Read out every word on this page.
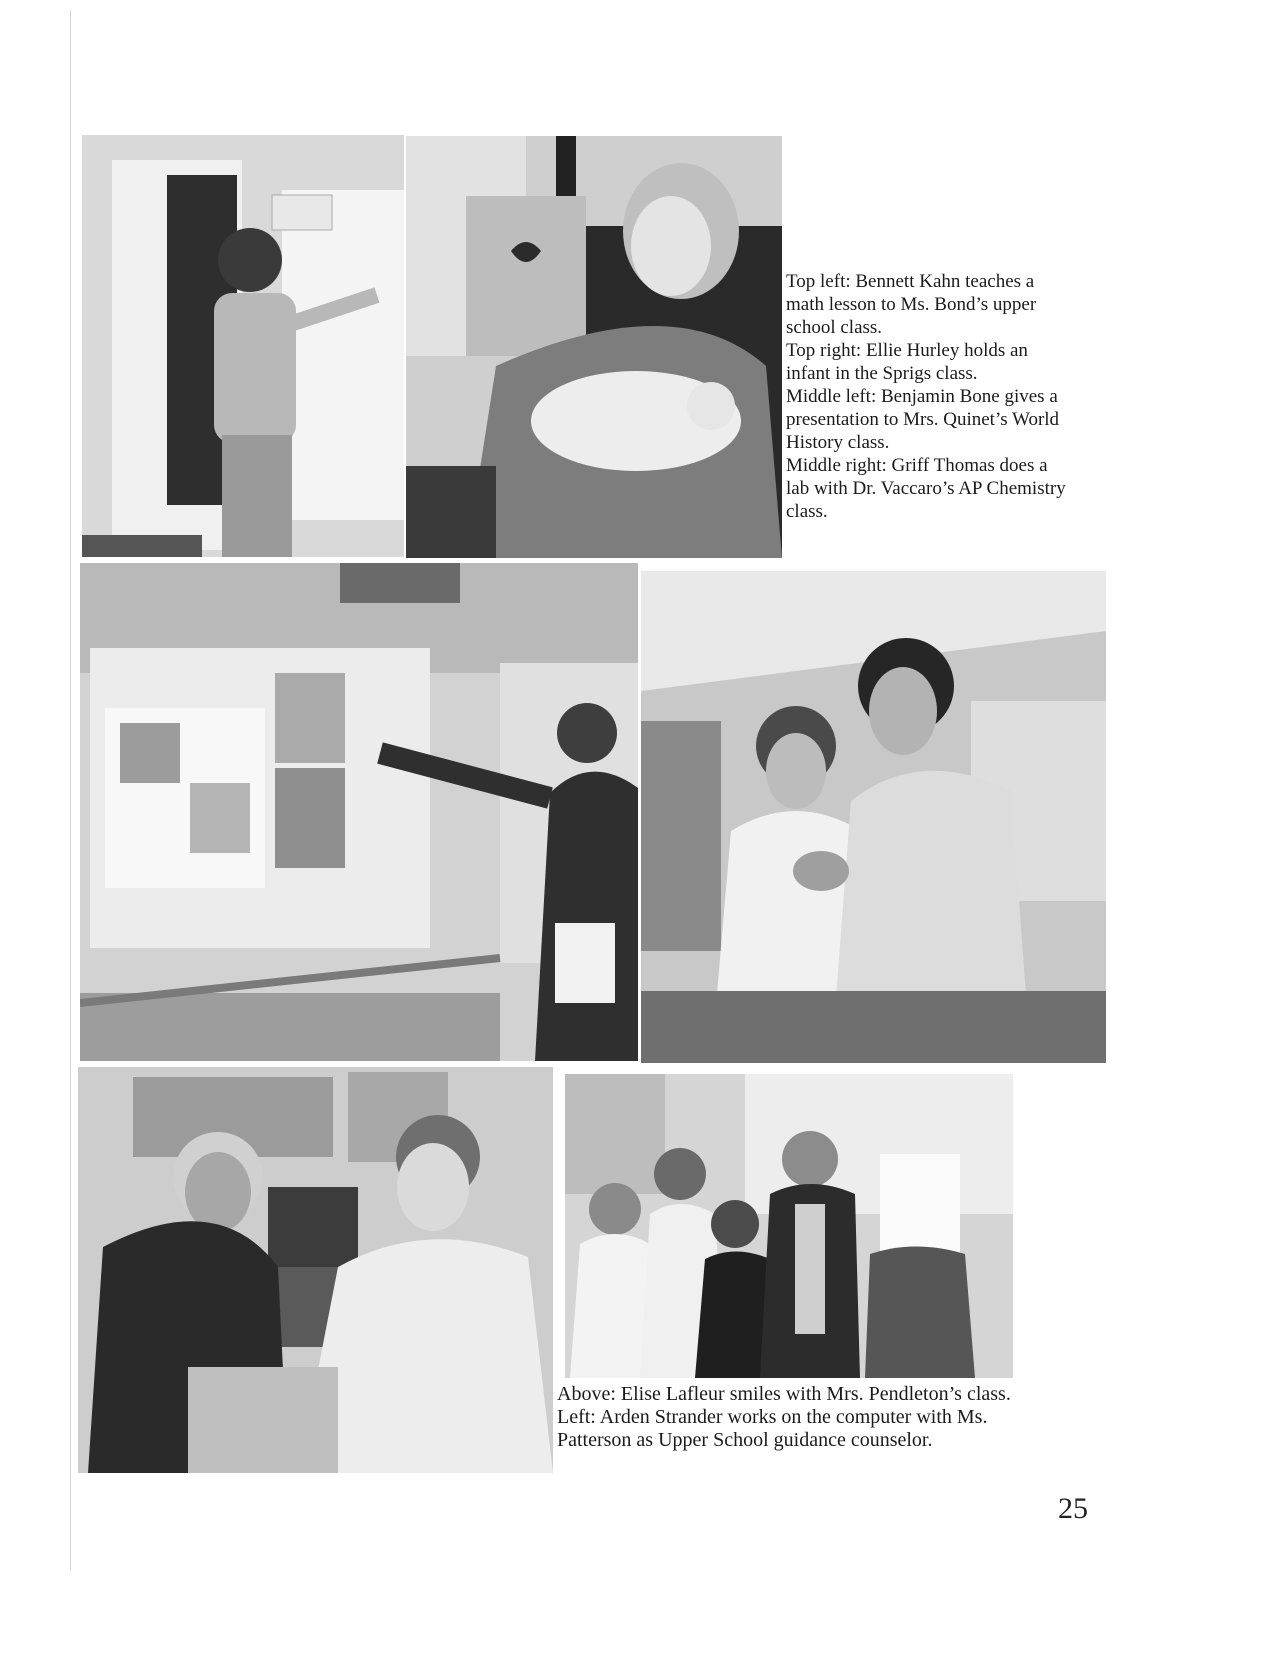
Top left: Bennett Kahn teaches a
math lesson to Ms. Bond’s upper
school class.
Top right: Ellie Hurley holds an
infant in the Sprigs class.
Middle left: Benjamin Bone gives a
presentation to Mrs. Quinet’s World
History class.
Middle right: Griff Thomas does a
lab with Dr. Vaccaro’s AP Chemistry
class.
Above: Elise Lafleur smiles with Mrs. Pendleton’s class.
Left: Arden Strander works on the computer with Ms.
Patterson as Upper School guidance counselor.
25
